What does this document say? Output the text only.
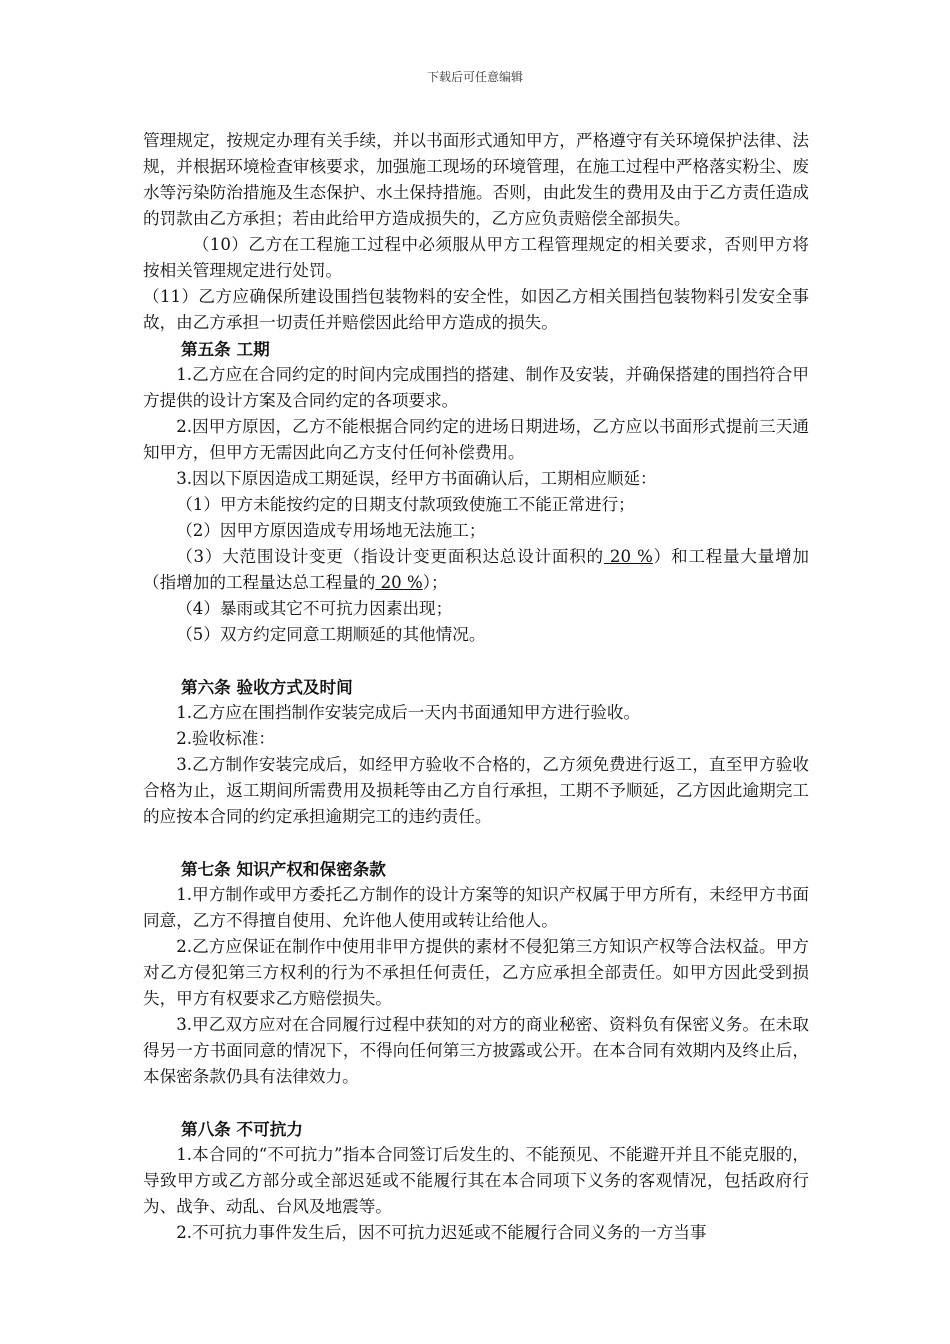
下载后可任意编辑

管理规定，按规定办理有关手续，并以书面形式通知甲方，严格遵守有关环境保护法律、法规，并根据环境检查审核要求，加强施工现场的环境管理，在施工过程中严格落实粉尘、废水等污染防治措施及生态保护、水土保持措施。否则，由此发生的费用及由于乙方责任造成的罚款由乙方承担；若由此给甲方造成损失的，乙方应负责赔偿全部损失。

（10）乙方在工程施工过程中必须服从甲方工程管理规定的相关要求，否则甲方将按相关管理规定进行处罚。

（11）乙方应确保所建设围挡包装物料的安全性，如因乙方相关围挡包装物料引发安全事故，由乙方承担一切责任并赔偿因此给甲方造成的损失。

第五条 工期

1.乙方应在合同约定的时间内完成围挡的搭建、制作及安装，并确保搭建的围挡符合甲方提供的设计方案及合同约定的各项要求。

2.因甲方原因，乙方不能根据合同约定的进场日期进场，乙方应以书面形式提前三天通知甲方，但甲方无需因此向乙方支付任何补偿费用。

3.因以下原因造成工期延误，经甲方书面确认后，工期相应顺延：

（1）甲方未能按约定的日期支付款项致使施工不能正常进行；

（2）因甲方原因造成专用场地无法施工；

（3）大范围设计变更（指设计变更面积达总设计面积的 20 %）和工程量大量增加（指增加的工程量达总工程量的 20 %）；

（4）暴雨或其它不可抗力因素出现；

（5）双方约定同意工期顺延的其他情况。

第六条 验收方式及时间

1.乙方应在围挡制作安装完成后一天内书面通知甲方进行验收。

2.验收标准：

3.乙方制作安装完成后，如经甲方验收不合格的，乙方须免费进行返工，直至甲方验收合格为止，返工期间所需费用及损耗等由乙方自行承担，工期不予顺延，乙方因此逾期完工的应按本合同的约定承担逾期完工的违约责任。

第七条 知识产权和保密条款

1.甲方制作或甲方委托乙方制作的设计方案等的知识产权属于甲方所有，未经甲方书面同意，乙方不得擅自使用、允许他人使用或转让给他人。

2.乙方应保证在制作中使用非甲方提供的素材不侵犯第三方知识产权等合法权益。甲方对乙方侵犯第三方权利的行为不承担任何责任，乙方应承担全部责任。如甲方因此受到损失，甲方有权要求乙方赔偿损失。

3.甲乙双方应对在合同履行过程中获知的对方的商业秘密、资料负有保密义务。在未取得另一方书面同意的情况下，不得向任何第三方披露或公开。在本合同有效期内及终止后，本保密条款仍具有法律效力。

第八条 不可抗力

1.本合同的“不可抗力”指本合同签订后发生的、不能预见、不能避开并且不能克服的，导致甲方或乙方部分或全部迟延或不能履行其在本合同项下义务的客观情况，包括政府行为、战争、动乱、台风及地震等。

2.不可抗力事件发生后，因不可抗力迟延或不能履行合同义务的一方当事
